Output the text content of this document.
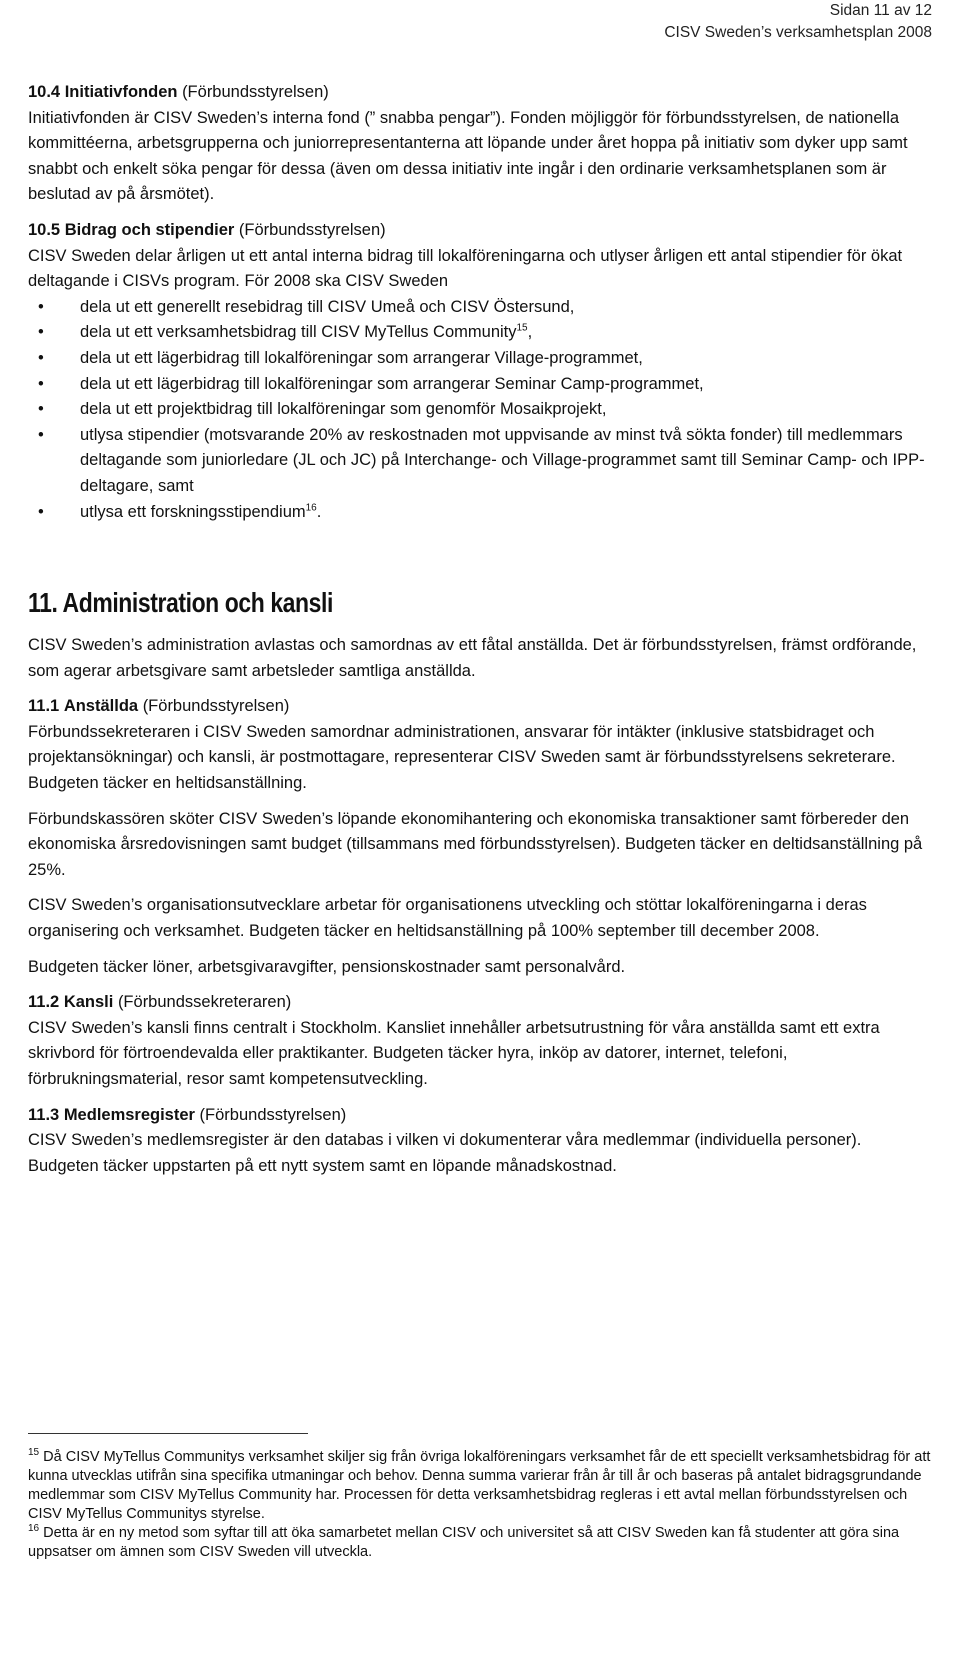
Sidan 11 av 12
CISV Sweden’s verksamhetsplan 2008
10.4 Initiativfonden (Förbundsstyrelsen)

Initiativfonden är CISV Sweden’s interna fond (” snabba pengar”). Fonden möjliggör för förbundsstyrelsen, de nationella kommittéerna, arbetsgrupperna och juniorrepresentanterna att löpande under året hoppa på initiativ som dyker upp samt snabbt och enkelt söka pengar för dessa (även om dessa initiativ inte ingår i den ordinarie verksamhetsplanen som är beslutad av på årsmötet).

10.5 Bidrag och stipendier (Förbundsstyrelsen)

CISV Sweden delar årligen ut ett antal interna bidrag till lokalföreningarna och utlyser årligen ett antal stipendier för ökat deltagande i CISVs program. För 2008 ska CISV Sweden

• dela ut ett generellt resebidrag till CISV Umeå och CISV Östersund,
• dela ut ett verksamhetsbidrag till CISV MyTellus Community$^{15}$,
• dela ut ett lägerbidrag till lokalföreningar som arrangerar Village-programmet,
• dela ut ett lägerbidrag till lokalföreningar som arrangerar Seminar Camp-programmet,
• dela ut ett projektbidrag till lokalföreningar som genomför Mosaikprojekt,
• utlysa stipendier (motsvarande 20% av reskostnaden mot uppvisande av minst två sökta fonder) till medlemmars deltagande som juniorledare (JL och JC) på Interchange- och Village-programmet samt till Seminar Camp- och IPP-deltagare, samt
• utlysa ett forskningsstipendium$^{16}$.
11. Administration och kansli

CISV Sweden’s administration avlastas och samordnas av ett fåtal anställda. Det är förbundsstyrelsen, främst ordförande, som agerar arbetsgivare samt arbetsleder samtliga anställda.

11.1 Anställda (Förbundsstyrelsen)

Förbundssekreteraren i CISV Sweden samordnar administrationen, ansvarar för intäkter (inklusive statsbidraget och projektansökningar) och kansli, är postmottagare, representerar CISV Sweden samt är förbundsstyrelsens sekreterare. Budgeten täcker en heltidsanställning.

Förbundskassören sköter CISV Sweden’s löpande ekonomihantering och ekonomiska transaktioner samt förbereder den ekonomiska årsredovisningen samt budget (tillsammans med förbundsstyrelsen). Budgeten täcker en deltidsanställning på 25%.

CISV Sweden’s organisationsutvecklare arbetar för organisationens utveckling och stöttar lokalföreningarna i deras organisering och verksamhet. Budgeten täcker en heltidsanställning på 100% september till december 2008.

Budgeten täcker löner, arbetsgivaravgifter, pensionskostnader samt personalvård.

11.2 Kansli (Förbundssekreteraren)

CISV Sweden’s kansli finns centralt i Stockholm. Kansliet innehåller arbetsutrustning för våra anställda samt ett extra skrivbord för förtroendevalda eller praktikanter. Budgeten täcker hyra, inköp av datorer, internet, telefoni, förbrukningsmaterial, resor samt kompetensutveckling.

11.3 Medlemsregister (Förbundsstyrelsen)

CISV Sweden’s medlemsregister är den databas i vilken vi dokumenterar våra medlemmar (individuella personer). Budgeten täcker uppstarten på ett nytt system samt en löpande månadskostnad.

$^{15}$ Då CISV MyTellus Communitys verksamhet skiljer sig från övriga lokalföreningars verksamhet får de ett speciellt verksamhetsbidrag för att kunna utvecklas utifrån sina specifika utmaningar och behov. Denna summa varierar från år till år och baseras på antalet bidragsgrundande medlemmar som CISV MyTellus Community har. Processen för detta verksamhetsbidrag regleras i ett avtal mellan förbundsstyrelsen och CISV MyTellus Communitys styrelse.
$^{16}$ Detta är en ny metod som syftar till att öka samarbetet mellan CISV och universitet så att CISV Sweden kan få studenter att göra sina uppsatser om ämnen som CISV Sweden vill utveckla.
